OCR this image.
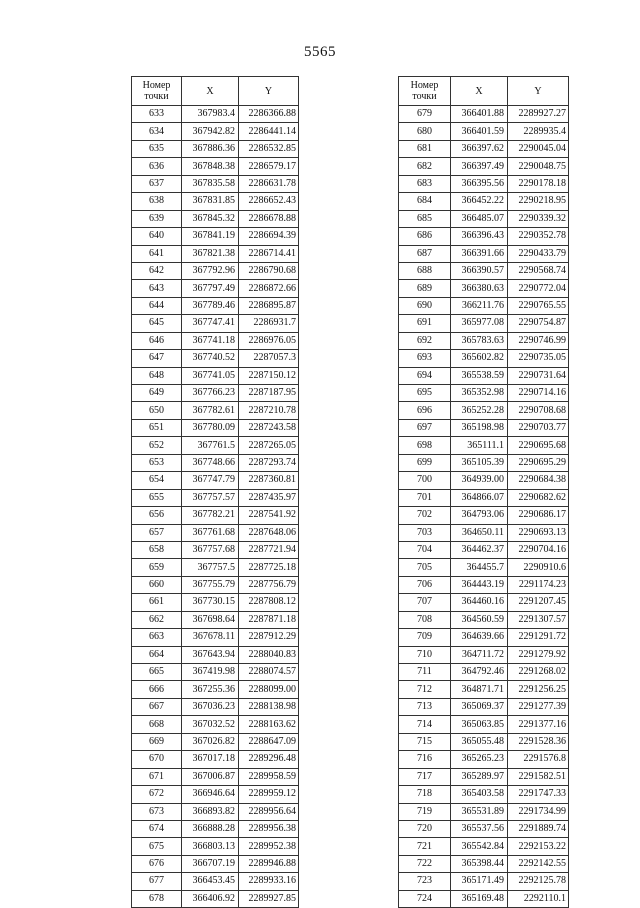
5565
Номер
точки	X	Y
633	367983.4	2286366.88
634	367942.82	2286441.14
635	367886.36	2286532.85
636	367848.38	2286579.17
637	367835.58	2286631.78
638	367831.85	2286652.43
639	367845.32	2286678.88
640	367841.19	2286694.39
641	367821.38	2286714.41
642	367792.96	2286790.68
643	367797.49	2286872.66
644	367789.46	2286895.87
645	367747.41	2286931.7
646	367741.18	2286976.05
647	367740.52	2287057.3
648	367741.05	2287150.12
649	367766.23	2287187.95
650	367782.61	2287210.78
651	367780.09	2287243.58
652	367761.5	2287265.05
653	367748.66	2287293.74
654	367747.79	2287360.81
655	367757.57	2287435.97
656	367782.21	2287541.92
657	367761.68	2287648.06
658	367757.68	2287721.94
659	367757.5	2287725.18
660	367755.79	2287756.79
661	367730.15	2287808.12
662	367698.64	2287871.18
663	367678.11	2287912.29
664	367643.94	2288040.83
665	367419.98	2288074.57
666	367255.36	2288099.00
667	367036.23	2288138.98
668	367032.52	2288163.62
669	367026.82	2288647.09
670	367017.18	2289296.48
671	367006.87	2289958.59
672	366946.64	2289959.12
673	366893.82	2289956.64
674	366888.28	2289956.38
675	366803.13	2289952.38
676	366707.19	2289946.88
677	366453.45	2289933.16
678	366406.92	2289927.85
Номер
точки	X	Y
679	366401.88	2289927.27
680	366401.59	2289935.4
681	366397.62	2290045.04
682	366397.49	2290048.75
683	366395.56	2290178.18
684	366452.22	2290218.95
685	366485.07	2290339.32
686	366396.43	2290352.78
687	366391.66	2290433.79
688	366390.57	2290568.74
689	366380.63	2290772.04
690	366211.76	2290765.55
691	365977.08	2290754.87
692	365783.63	2290746.99
693	365602.82	2290735.05
694	365538.59	2290731.64
695	365352.98	2290714.16
696	365252.28	2290708.68
697	365198.98	2290703.77
698	365111.1	2290695.68
699	365105.39	2290695.29
700	364939.00	2290684.38
701	364866.07	2290682.62
702	364793.06	2290686.17
703	364650.11	2290693.13
704	364462.37	2290704.16
705	364455.7	2290910.6
706	364443.19	2291174.23
707	364460.16	2291207.45
708	364560.59	2291307.57
709	364639.66	2291291.72
710	364711.72	2291279.92
711	364792.46	2291268.02
712	364871.71	2291256.25
713	365069.37	2291277.39
714	365063.85	2291377.16
715	365055.48	2291528.36
716	365265.23	2291576.8
717	365289.97	2291582.51
718	365403.58	2291747.33
719	365531.89	2291734.99
720	365537.56	2291889.74
721	365542.84	2292153.22
722	365398.44	2292142.55
723	365171.49	2292125.78
724	365169.48	2292110.1
